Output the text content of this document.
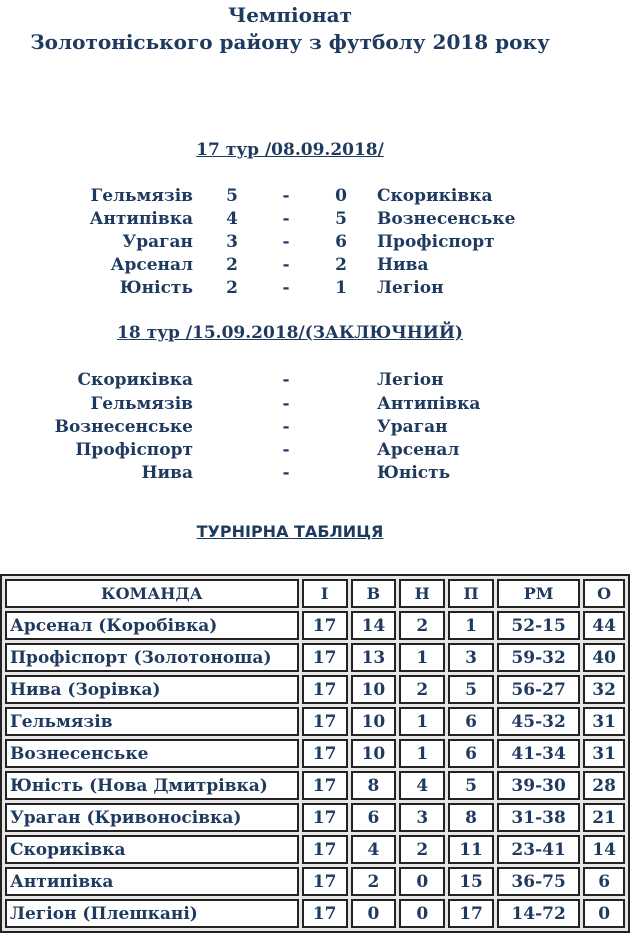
Чемпіонат
Золотоніського району з футболу 2018 року
17 тур /08.09.2018/
Гельмязів 5	-	0 Скориківка
Антипівка 4	-	5 Вознесенське
Ураган 3	-	6 Профіспорт
Арсенал 2	-	2 Нива
Юність 2	-	1 Легіон
18 тур /15.09.2018/(ЗАКЛЮЧНИЙ)
Скориківка	-	Легіон
Гельмязів	-	Антипівка
Вознесенське	-	Ураган
Профіспорт	-	Арсенал
Нива	-	Юність
ТУРНІРНА ТАБЛИЦЯ
КОМАНДА	І	В	Н	П	РМ	О
Арсенал (Коробівка)	17	14	2	1	52-15	44
Профіспорт (Золотоноша)	17	13	1	3	59-32	40
Нива (Зорівка)	17	10	2	5	56-27	32
Гельмязів	17	10	1	6	45-32	31
Вознесенське	17	10	1	6	41-34	31
Юність (Нова Дмитрівка)	17	8	4	5	39-30	28
Ураган (Кривоносівка)	17	6	3	8	31-38	21
Скориківка	17	4	2	11	23-41	14
Антипівка	17	2	0	15	36-75	6
Легіон (Плешкані)	17	0	0	17	14-72	0
